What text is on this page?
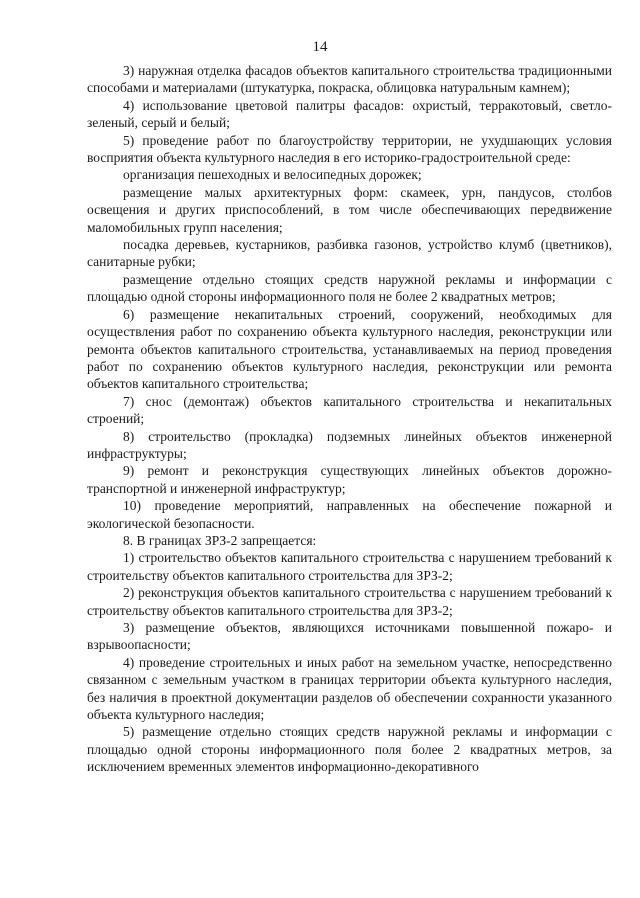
14

3) наружная отделка фасадов объектов капитального строительства традиционными способами и материалами (штукатурка, покраска, облицовка натуральным камнем);

4) использование цветовой палитры фасадов: охристый, терракотовый, светло-зеленый, серый и белый;

5) проведение работ по благоустройству территории, не ухудшающих условия восприятия объекта культурного наследия в его историко-градостроительной среде:

организация пешеходных и велосипедных дорожек;

размещение малых архитектурных форм: скамеек, урн, пандусов, столбов освещения и других приспособлений, в том числе обеспечивающих передвижение маломобильных групп населения;

посадка деревьев, кустарников, разбивка газонов, устройство клумб (цветников), санитарные рубки;

размещение отдельно стоящих средств наружной рекламы и информации с площадью одной стороны информационного поля не более 2 квадратных метров;

6) размещение некапитальных строений, сооружений, необходимых для осуществления работ по сохранению объекта культурного наследия, реконструкции или ремонта объектов капитального строительства, устанавливаемых на период проведения работ по сохранению объектов культурного наследия, реконструкции или ремонта объектов капитального строительства;

7) снос (демонтаж) объектов капитального строительства и некапитальных строений;

8) строительство (прокладка) подземных линейных объектов инженерной инфраструктуры;

9) ремонт и реконструкция существующих линейных объектов дорожно-транспортной и инженерной инфраструктур;

10) проведение мероприятий, направленных на обеспечение пожарной и экологической безопасности.

8. В границах ЗРЗ-2 запрещается:

1) строительство объектов капитального строительства с нарушением требований к строительству объектов капитального строительства для ЗРЗ-2;

2) реконструкция объектов капитального строительства с нарушением требований к строительству объектов капитального строительства для ЗРЗ-2;

3) размещение объектов, являющихся источниками повышенной пожаро- и взрывоопасности;

4) проведение строительных и иных работ на земельном участке, непосредственно связанном с земельным участком в границах территории объекта культурного наследия, без наличия в проектной документации разделов об обеспечении сохранности указанного объекта культурного наследия;

5) размещение отдельно стоящих средств наружной рекламы и информации с площадью одной стороны информационного поля более 2 квадратных метров, за исключением временных элементов информационно-декоративного
